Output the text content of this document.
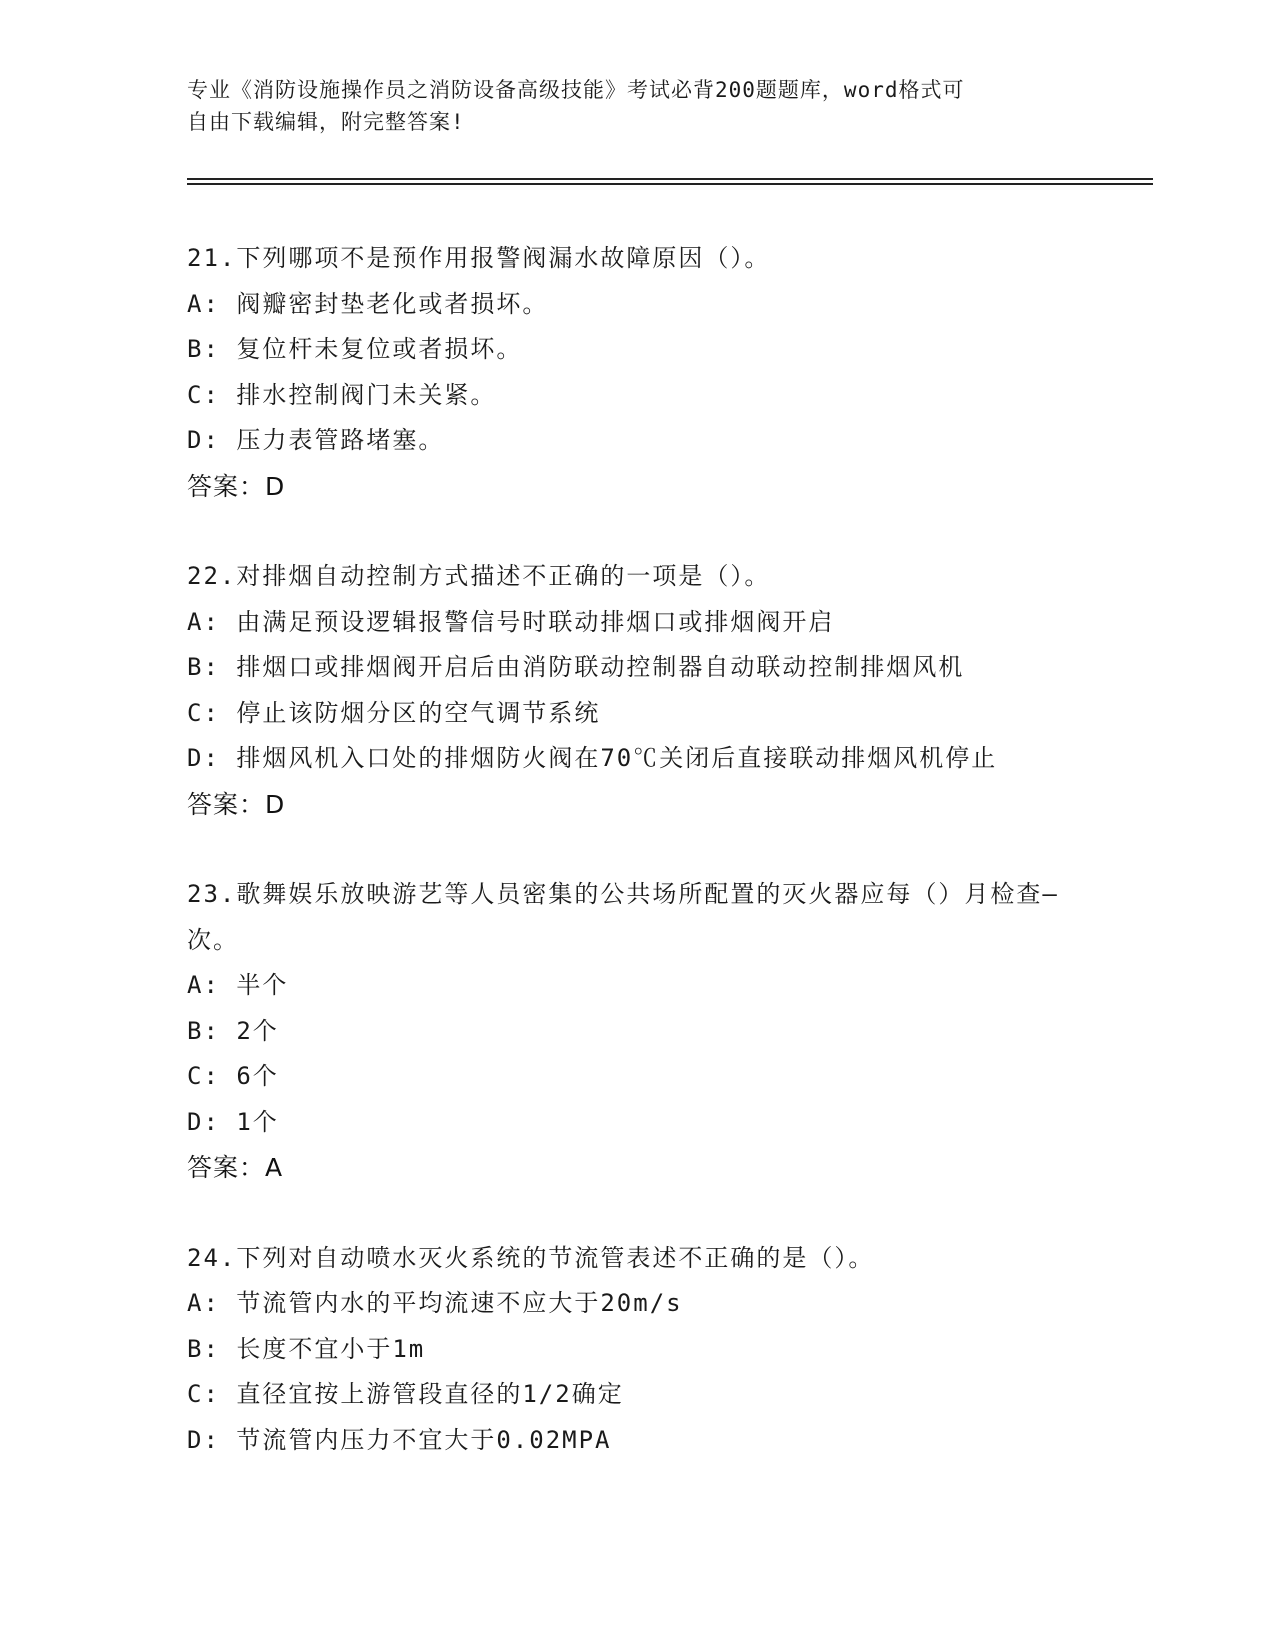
专业《消防设施操作员之消防设备高级技能》考试必背200题题库，word格式可
自由下载编辑，附完整答案!
21.下列哪项不是预作用报警阀漏水故障原因（）。
A: 阀瓣密封垫老化或者损坏。
B: 复位杆未复位或者损坏。
C: 排水控制阀门未关紧。
D: 压力表管路堵塞。
答案：D
22.对排烟自动控制方式描述不正确的一项是（）。
A: 由满足预设逻辑报警信号时联动排烟口或排烟阀开启
B: 排烟口或排烟阀开启后由消防联动控制器自动联动控制排烟风机
C: 停止该防烟分区的空气调节系统
D: 排烟风机入口处的排烟防火阀在70℃关闭后直接联动排烟风机停止
答案：D
23.歌舞娱乐放映游艺等人员密集的公共场所配置的灭火器应每（）月检查—次。
A: 半个
B: 2个
C: 6个
D: 1个
答案：A
24.下列对自动喷水灭火系统的节流管表述不正确的是（）。
A: 节流管内水的平均流速不应大于20m/s
B: 长度不宜小于1m
C: 直径宜按上游管段直径的1/2确定
D: 节流管内压力不宜大于0.02MPA
